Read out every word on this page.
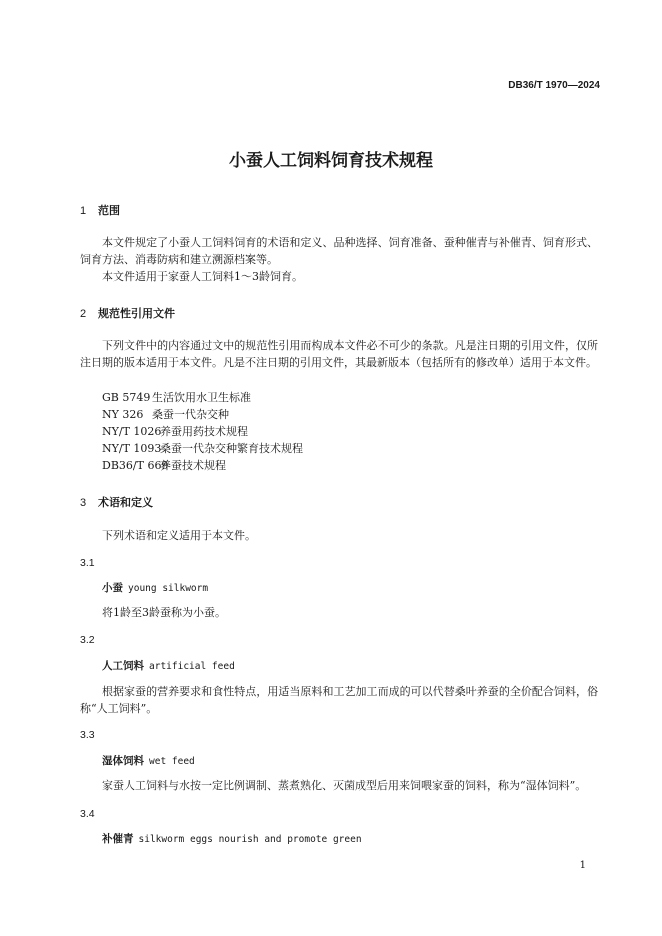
DB36/T 1970—2024
小蚕人工饲料饲育技术规程
1 范围
本文件规定了小蚕人工饲料饲育的术语和定义、品种选择、饲育准备、蚕种催青与补催青、饲育形式、饲育方法、消毒防病和建立溯源档案等。
本文件适用于家蚕人工饲料1～3龄饲育。
2 规范性引用文件
下列文件中的内容通过文中的规范性引用而构成本文件必不可少的条款。凡是注日期的引用文件，仅所注日期的版本适用于本文件。凡是不注日期的引用文件，其最新版本（包括所有的修改单）适用于本文件。
GB 5749 生活饮用水卫生标准
NY 326 桑蚕一代杂交种
NY/T 1026养蚕用药技术规程
NY/T 1093桑蚕一代杂交种繁育技术规程
DB36/T 669养蚕技术规程
3 术语和定义
下列术语和定义适用于本文件。
3.1
小蚕 young silkworm
将1龄至3龄蚕称为小蚕。
3.2
人工饲料 artificial feed
根据家蚕的营养要求和食性特点，用适当原料和工艺加工而成的可以代替桑叶养蚕的全价配合饲料，俗称“人工饲料”。
3.3
湿体饲料 wet feed
家蚕人工饲料与水按一定比例调制、蒸煮熟化、灭菌成型后用来饲喂家蚕的饲料，称为“湿体饲料”。
3.4
补催青 silkworm eggs nourish and promote green
1
